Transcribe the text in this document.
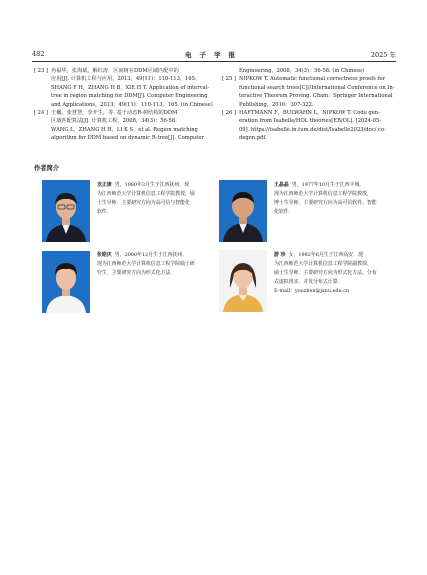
482	电子学报	2025 年
[ 23 ] 冉福华，张海斌，解红涛．区间树在DDM区域匹配中的
应用[J]. 计算机工程与应用，2013，49(11)：110-113，165.
SHANG F H，ZHANG H B，XIE H T. Application of interval-
tree in region matching for DDM[J]. Computer Engineering
and Applications，2013，49(11)：110-113，165. (in Chinese)
[ 24 ] 王巍，张慧慧，李开生，等. 基于动态R-树结构的DDM
区域匹配算法[J]. 计算机工程，2008，34(3)：56-58.
WANG L，ZHANG H H，LI K S，et al. Region matching
algorithm for DDM based on dynamic R-tree[J]. Computer
Engineering，2008，34(3)：56-58. (in Chinese)
[ 25 ] NIPKOW T. Automatic functional correctness proofs for
functional search trees[C]//International Conference on In-
teractive Theorem Proving. Cham：Springer International
Publishing，2016：307-322.
[ 26 ] HAFTMANN F，BULWAHN L，NIPKOW T. Code gen-
eration from Isabelle/HOL theories[EB/OL]. [2024-05-
09]. https://isabelle.in.tum.de/dist/Isabelle2023/doc/ co-
degen.pdf.
作者简介
龙正康 男，1980年3月生于江西抚州．现
为江西师范大学计算机信息工程学院教授，硕
士生导师．主要研究方向为高可信与智能化
软件．
王晶晶 男，1977年10月生于江西丰城．
现为江西师范大学计算机信息工程学院教授，
博士生导师．主要研究方向为高可信软件、智能
化软件．
张皓庆 男，2000年12月生于江西抚州．
现为江西师范大学计算机信息工程学院硕士研
究生．主要研究方向为形式化方法．
游 珍 女，1982年6月生于江西高安．现
为江西师范大学计算机信息工程学院副教授、
硕士生导师．主要研究方向为形式化方法、分布
式虚拟现实、并发分布式计算．
E-mail：youzhen@jxnu.edu.cn
